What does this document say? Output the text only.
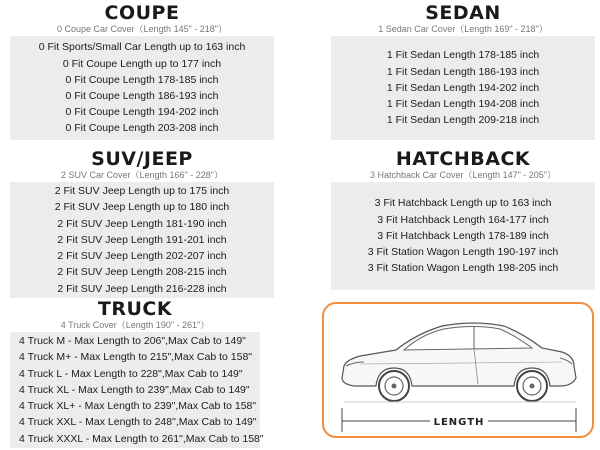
COUPE
0 Coupe Car Cover（Length 145" - 218"）
0 Fit Sports/Small Car Length up to 163 inch
0 Fit Coupe Length up to 177 inch
0 Fit Coupe Length 178-185 inch
0 Fit Coupe Length 186-193 inch
0 Fit Coupe Length 194-202 inch
0 Fit Coupe Length 203-208 inch
SEDAN
1 Sedan Car Cover（Length 169" - 218"）
1 Fit Sedan Length 178-185 inch
1 Fit Sedan Length 186-193 inch
1 Fit Sedan Length 194-202 inch
1 Fit Sedan Length 194-208 inch
1 Fit Sedan Length 209-218 inch
SUV/JEEP
2 SUV Car Cover（Length 166" - 228"）
2 Fit SUV Jeep Length up to 175 inch
2 Fit SUV Jeep Length up to 180 inch
2 Fit SUV Jeep Length 181-190 inch
2 Fit SUV Jeep Length 191-201 inch
2 Fit SUV Jeep Length 202-207 inch
2 Fit SUV Jeep Length 208-215 inch
2 Fit SUV Jeep Length 216-228 inch
HATCHBACK
3 Hatchback Car Cover（Length 147" - 205"）
3 Fit Hatchback Length up to 163 inch
3 Fit Hatchback Length 164-177 inch
3 Fit Hatchback Length 178-189 inch
3 Fit Station Wagon Length 190-197 inch
3 Fit Station Wagon Length 198-205 inch
TRUCK
4 Truck Cover（Length 190" - 261"）
4 Truck M - Max Length to 206",Max Cab to 149"
4 Truck M+ - Max Length to 215",Max Cab to 158"
4 Truck L - Max Length to 228",Max Cab to 149"
4 Truck XL - Max Length to 239",Max Cab to 149"
4 Truck XL+ - Max Length to 239",Max Cab to 158"
4 Truck XXL - Max Length to 248",Max Cab to 149"
4 Truck XXXL - Max Length to 261",Max Cab to 158"
LENGTH
